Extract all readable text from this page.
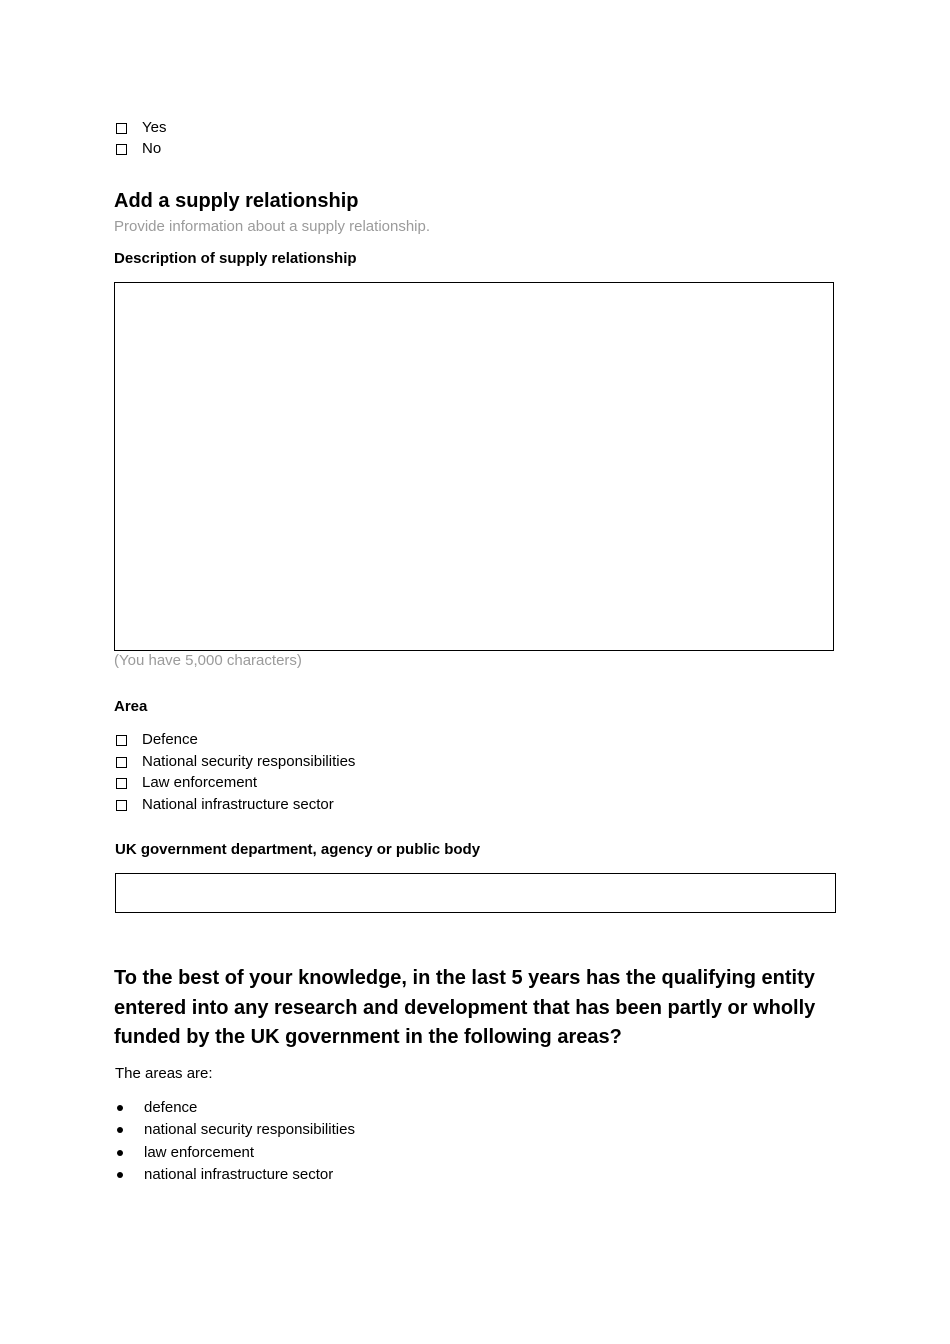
Yes
No
Add a supply relationship
Provide information about a supply relationship.
Description of supply relationship
(You have 5,000 characters)
Area
Defence
National security responsibilities
Law enforcement
National infrastructure sector
UK government department, agency or public body
To the best of your knowledge, in the last 5 years has the qualifying entity entered into any research and development that has been partly or wholly funded by the UK government in the following areas?
The areas are:
defence
national security responsibilities
law enforcement
national infrastructure sector
